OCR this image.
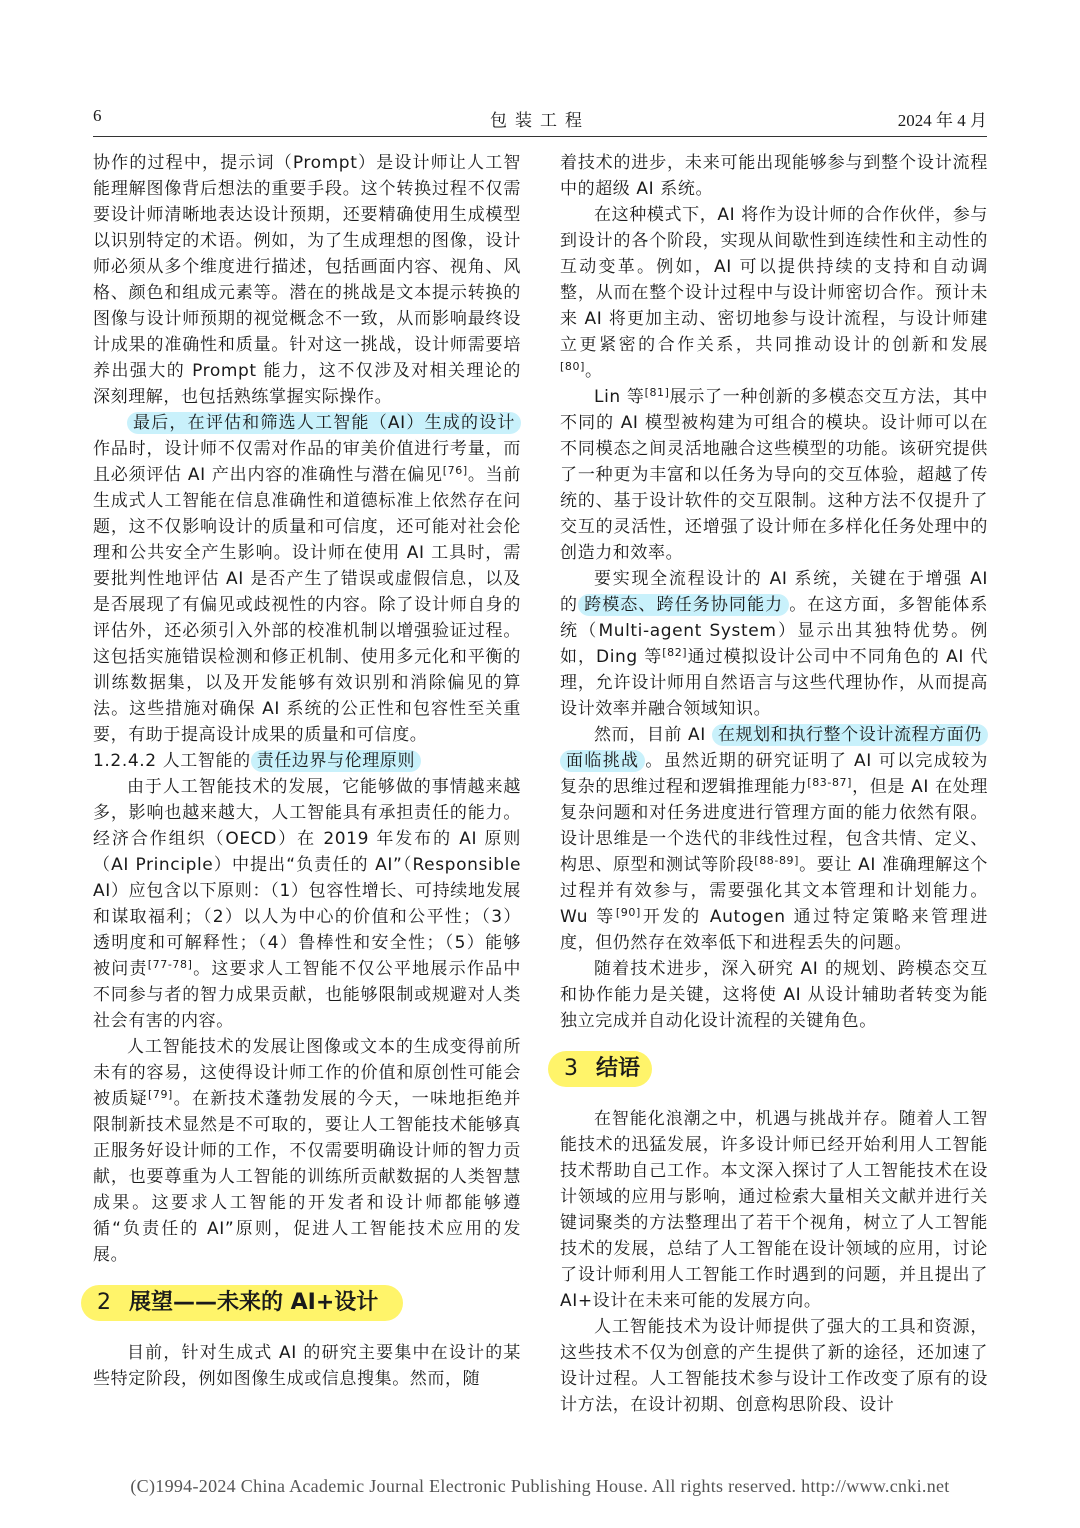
6	包装工程	2024 年 4 月

协作的过程中，提示词（Prompt）是设计师让人工智能理解图像背后想法的重要手段。这个转换过程不仅需要设计师清晰地表达设计预期，还要精确使用生成模型以识别特定的术语。例如，为了生成理想的图像，设计师必须从多个维度进行描述，包括画面内容、视角、风格、颜色和组成元素等。潜在的挑战是文本提示转换的图像与设计师预期的视觉概念不一致，从而影响最终设计成果的准确性和质量。针对这一挑战，设计师需要培养出强大的 Prompt 能力，这不仅涉及对相关理论的深刻理解，也包括熟练掌握实际操作。

最后，在评估和筛选人工智能（AI）生成的设计作品时，设计师不仅需对作品的审美价值进行考量，而且必须评估 AI 产出内容的准确性与潜在偏见[76]。当前生成式人工智能在信息准确性和道德标准上依然存在问题，这不仅影响设计的质量和可信度，还可能对社会伦理和公共安全产生影响。设计师在使用 AI 工具时，需要批判性地评估 AI 是否产生了错误或虚假信息，以及是否展现了有偏见或歧视性的内容。除了设计师自身的评估外，还必须引入外部的校准机制以增强验证过程。这包括实施错误检测和修正机制、使用多元化和平衡的训练数据集，以及开发能够有效识别和消除偏见的算法。这些措施对确保 AI 系统的公正性和包容性至关重要，有助于提高设计成果的质量和可信度。

1.2.4.2 人工智能的 责任边界与伦理原则

由于人工智能技术的发展，它能够做的事情越来越多，影响也越来越大，人工智能具有承担责任的能力。经济合作组织（OECD）在 2019 年发布的 AI 原则（AI Principle）中提出“负责任的 AI”（Responsible AI）应包含以下原则：（1）包容性增长、可持续地发展和谋取福利；（2）以人为中心的价值和公平性；（3）透明度和可解释性；（4）鲁棒性和安全性；（5）能够被问责[77-78]。这要求人工智能不仅公平地展示作品中不同参与者的智力成果贡献，也能够限制或规避对人类社会有害的内容。

人工智能技术的发展让图像或文本的生成变得前所未有的容易，这使得设计师工作的价值和原创性可能会被质疑[79]。在新技术蓬勃发展的今天，一味地拒绝并限制新技术显然是不可取的，要让人工智能技术能够真正服务好设计师的工作，不仅需要明确设计师的智力贡献，也要尊重为人工智能的训练所贡献数据的人类智慧成果。这要求人工智能的开发者和设计师都能够遵循“负责任的 AI”原则，促进人工智能技术应用的发展。

2 展望——未来的 AI+设计

目前，针对生成式 AI 的研究主要集中在设计的某些特定阶段，例如图像生成或信息搜集。然而，随

着技术的进步，未来可能出现能够参与到整个设计流程中的超级 AI 系统。

在这种模式下，AI 将作为设计师的合作伙伴，参与到设计的各个阶段，实现从间歇性到连续性和主动性的互动变革。例如，AI 可以提供持续的支持和自动调整，从而在整个设计过程中与设计师密切合作。预计未来 AI 将更加主动、密切地参与设计流程，与设计师建立更紧密的合作关系，共同推动设计的创新和发展[80]。

Lin 等[81]展示了一种创新的多模态交互方法，其中不同的 AI 模型被构建为可组合的模块。设计师可以在不同模态之间灵活地融合这些模型的功能。该研究提供了一种更为丰富和以任务为导向的交互体验，超越了传统的、基于设计软件的交互限制。这种方法不仅提升了交互的灵活性，还增强了设计师在多样化任务处理中的创造力和效率。

要实现全流程设计的 AI 系统，关键在于增强 AI 的 跨模态、跨任务协同能力 。在这方面，多智能体系统（Multi-agent System）显示出其独特优势。例如，Ding 等[82]通过模拟设计公司中不同角色的 AI 代理，允许设计师用自然语言与这些代理协作，从而提高设计效率并融合领域知识。

然而，目前 AI 在规划和执行整个设计流程方面仍面临挑战 。虽然近期的研究证明了 AI 可以完成较为复杂的思维过程和逻辑推理能力[83-87]，但是 AI 在处理复杂问题和对任务进度进行管理方面的能力依然有限。设计思维是一个迭代的非线性过程，包含共情、定义、构思、原型和测试等阶段[88-89]。要让 AI 准确理解这个过程并有效参与，需要强化其文本管理和计划能力。Wu 等[90]开发的 Autogen 通过特定策略来管理进度，但仍然存在效率低下和进程丢失的问题。

随着技术进步，深入研究 AI 的规划、跨模态交互和协作能力是关键，这将使 AI 从设计辅助者转变为能独立完成并自动化设计流程的关键角色。

3 结语

在智能化浪潮之中，机遇与挑战并存。随着人工智能技术的迅猛发展，许多设计师已经开始利用人工智能技术帮助自己工作。本文深入探讨了人工智能技术在设计领域的应用与影响，通过检索大量相关文献并进行关键词聚类的方法整理出了若干个视角，树立了人工智能技术的发展，总结了人工智能在设计领域的应用，讨论了设计师利用人工智能工作时遇到的问题，并且提出了 AI+设计在未来可能的发展方向。

人工智能技术为设计师提供了强大的工具和资源，这些技术不仅为创意的产生提供了新的途径，还加速了设计过程。人工智能技术参与设计工作改变了原有的设计方法，在设计初期、创意构思阶段、设计

(C)1994-2024 China Academic Journal Electronic Publishing House. All rights reserved. http://www.cnki.net
